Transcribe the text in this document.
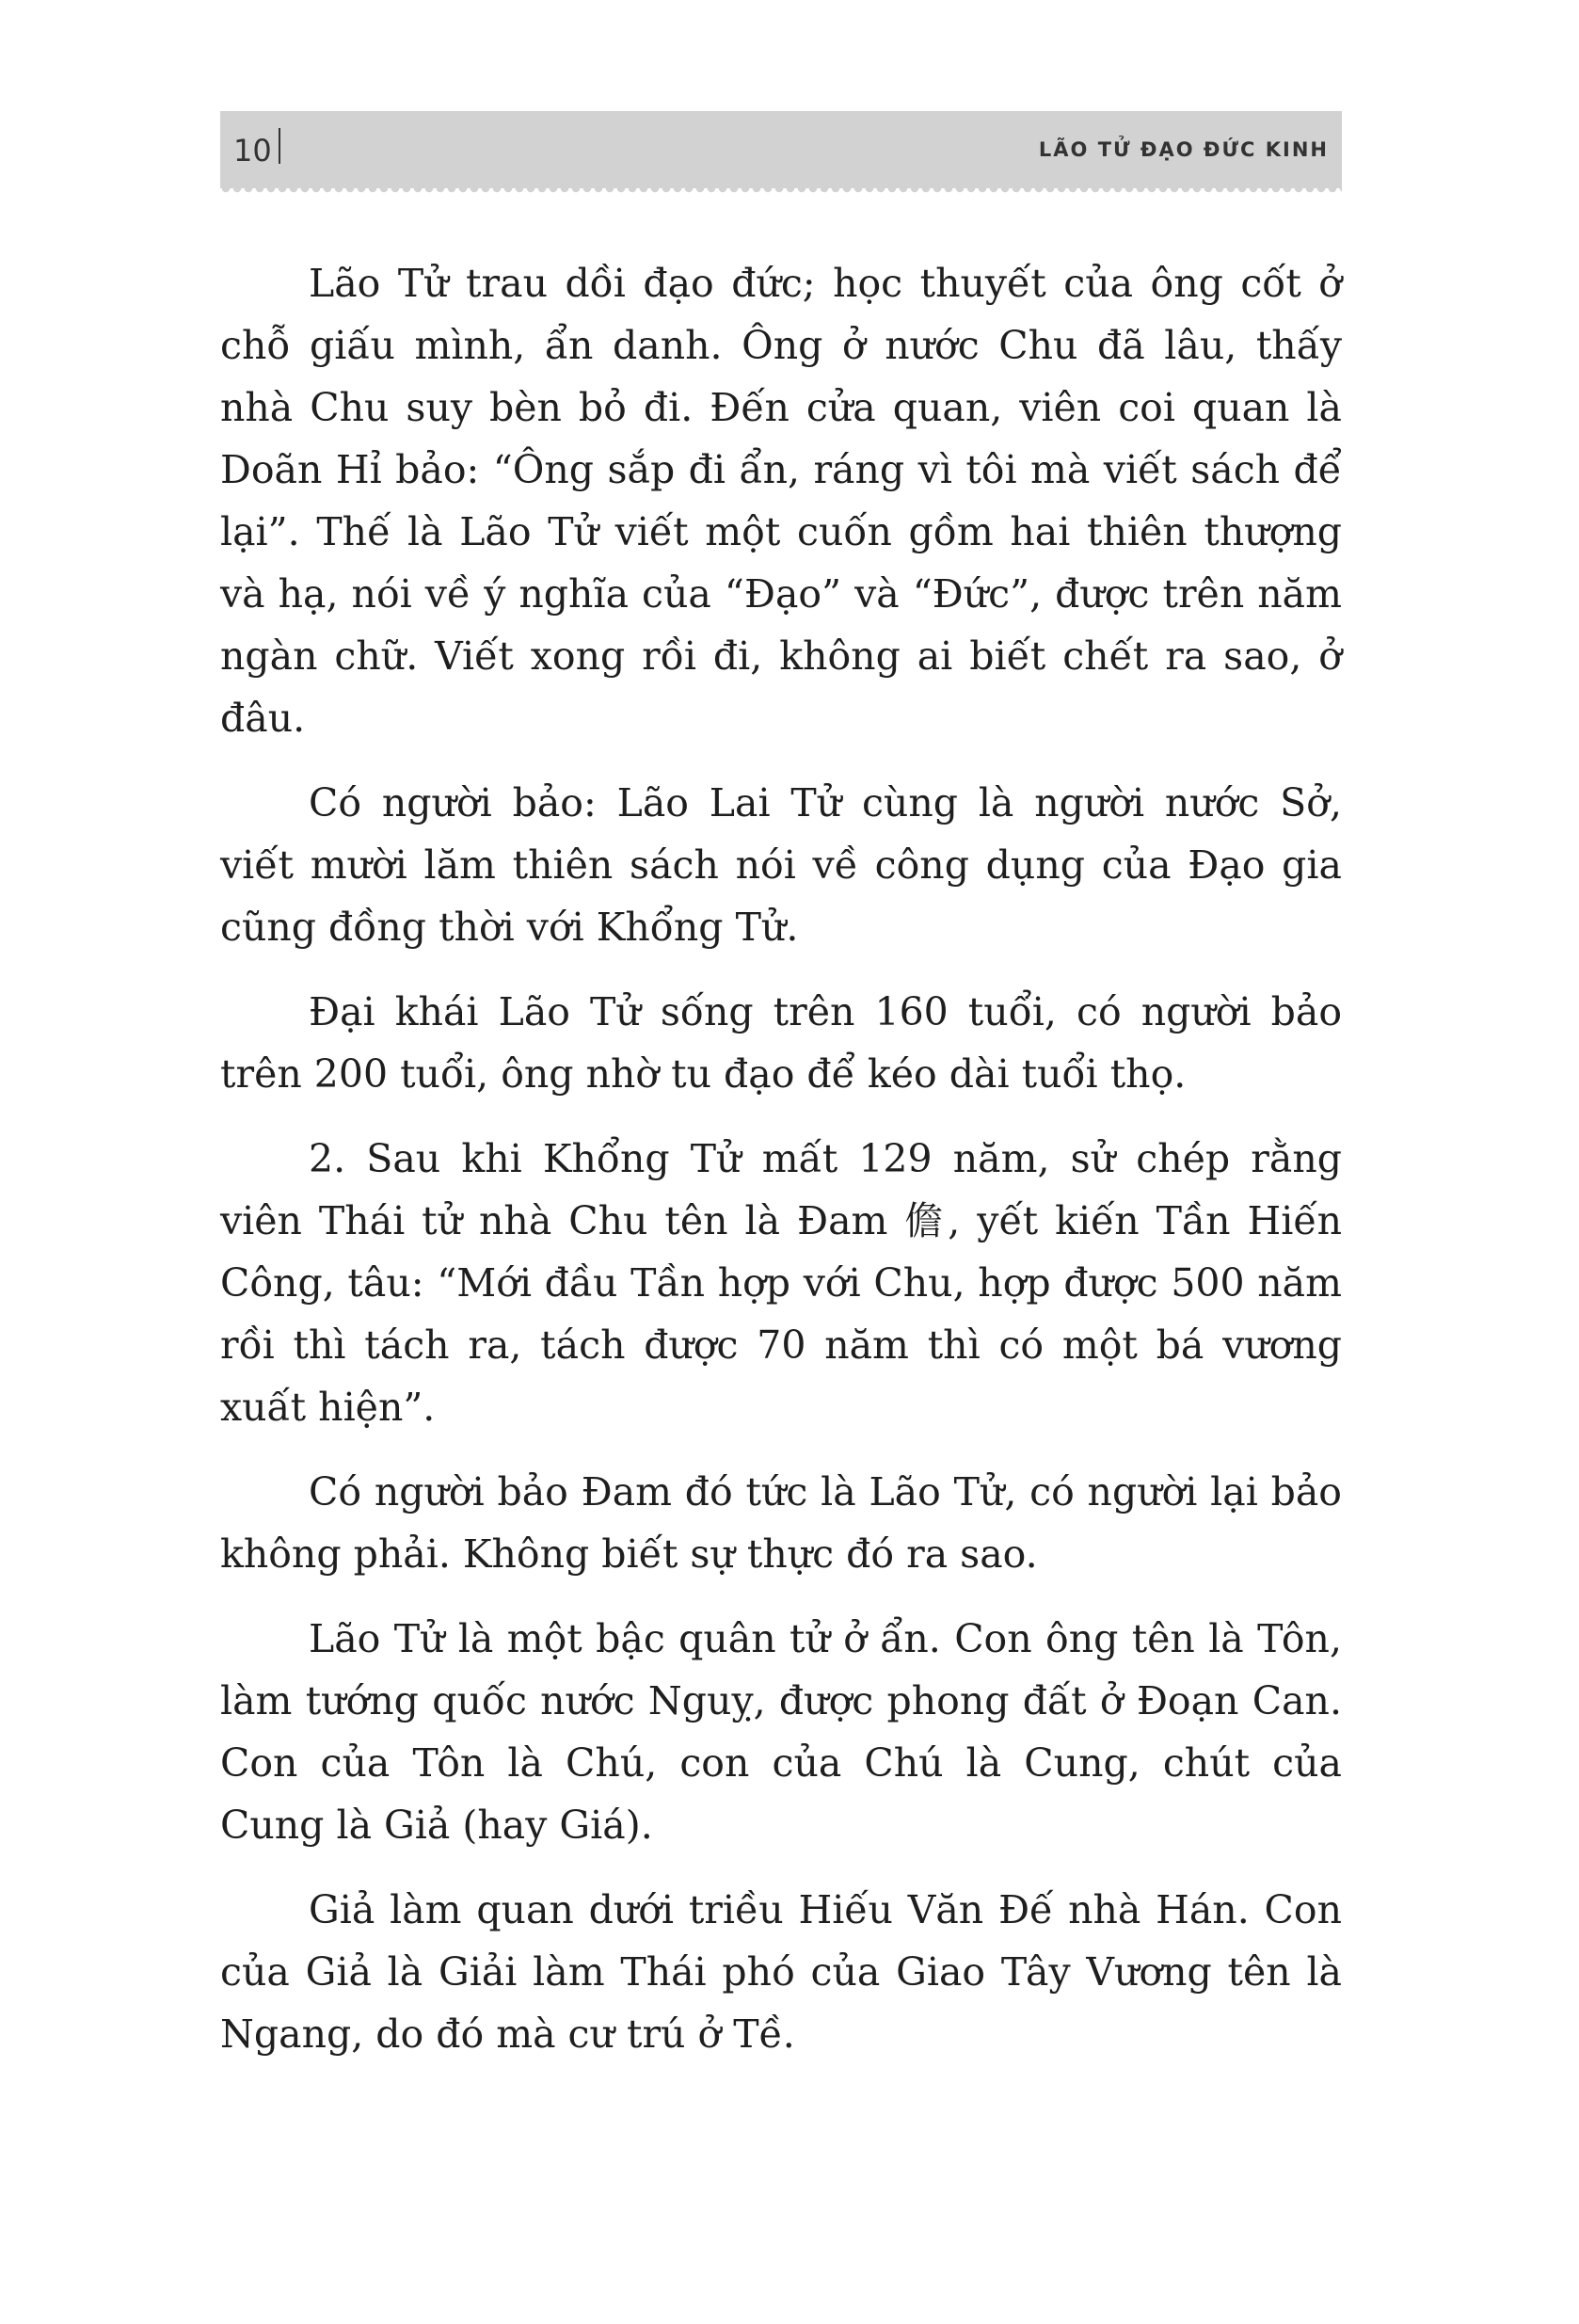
10	LÃO TỬ ĐẠO ĐỨC KINH

Lão Tử trau dồi đạo đức; học thuyết của ông cốt ở chỗ giấu mình, ẩn danh. Ông ở nước Chu đã lâu, thấy nhà Chu suy bèn bỏ đi. Đến cửa quan, viên coi quan là Doãn Hỉ bảo: “Ông sắp đi ẩn, ráng vì tôi mà viết sách để lại”. Thế là Lão Tử viết một cuốn gồm hai thiên thượng và hạ, nói về ý nghĩa của “Đạo” và “Đức”, được trên năm ngàn chữ. Viết xong rồi đi, không ai biết chết ra sao, ở đâu.

Có người bảo: Lão Lai Tử cùng là người nước Sở, viết mười lăm thiên sách nói về công dụng của Đạo gia cũng đồng thời với Khổng Tử.

Đại khái Lão Tử sống trên 160 tuổi, có người bảo trên 200 tuổi, ông nhờ tu đạo để kéo dài tuổi thọ.

2. Sau khi Khổng Tử mất 129 năm, sử chép rằng viên Thái tử nhà Chu tên là Đam 儋, yết kiến Tần Hiến Công, tâu: “Mới đầu Tần hợp với Chu, hợp được 500 năm rồi thì tách ra, tách được 70 năm thì có một bá vương xuất hiện”.

Có người bảo Đam đó tức là Lão Tử, có người lại bảo không phải. Không biết sự thực đó ra sao.

Lão Tử là một bậc quân tử ở ẩn. Con ông tên là Tôn, làm tướng quốc nước Nguỵ, được phong đất ở Đoạn Can. Con của Tôn là Chú, con của Chú là Cung, chút của Cung là Giả (hay Giá).

Giả làm quan dưới triều Hiếu Văn Đế nhà Hán. Con của Giả là Giải làm Thái phó của Giao Tây Vương tên là Ngang, do đó mà cư trú ở Tề.
